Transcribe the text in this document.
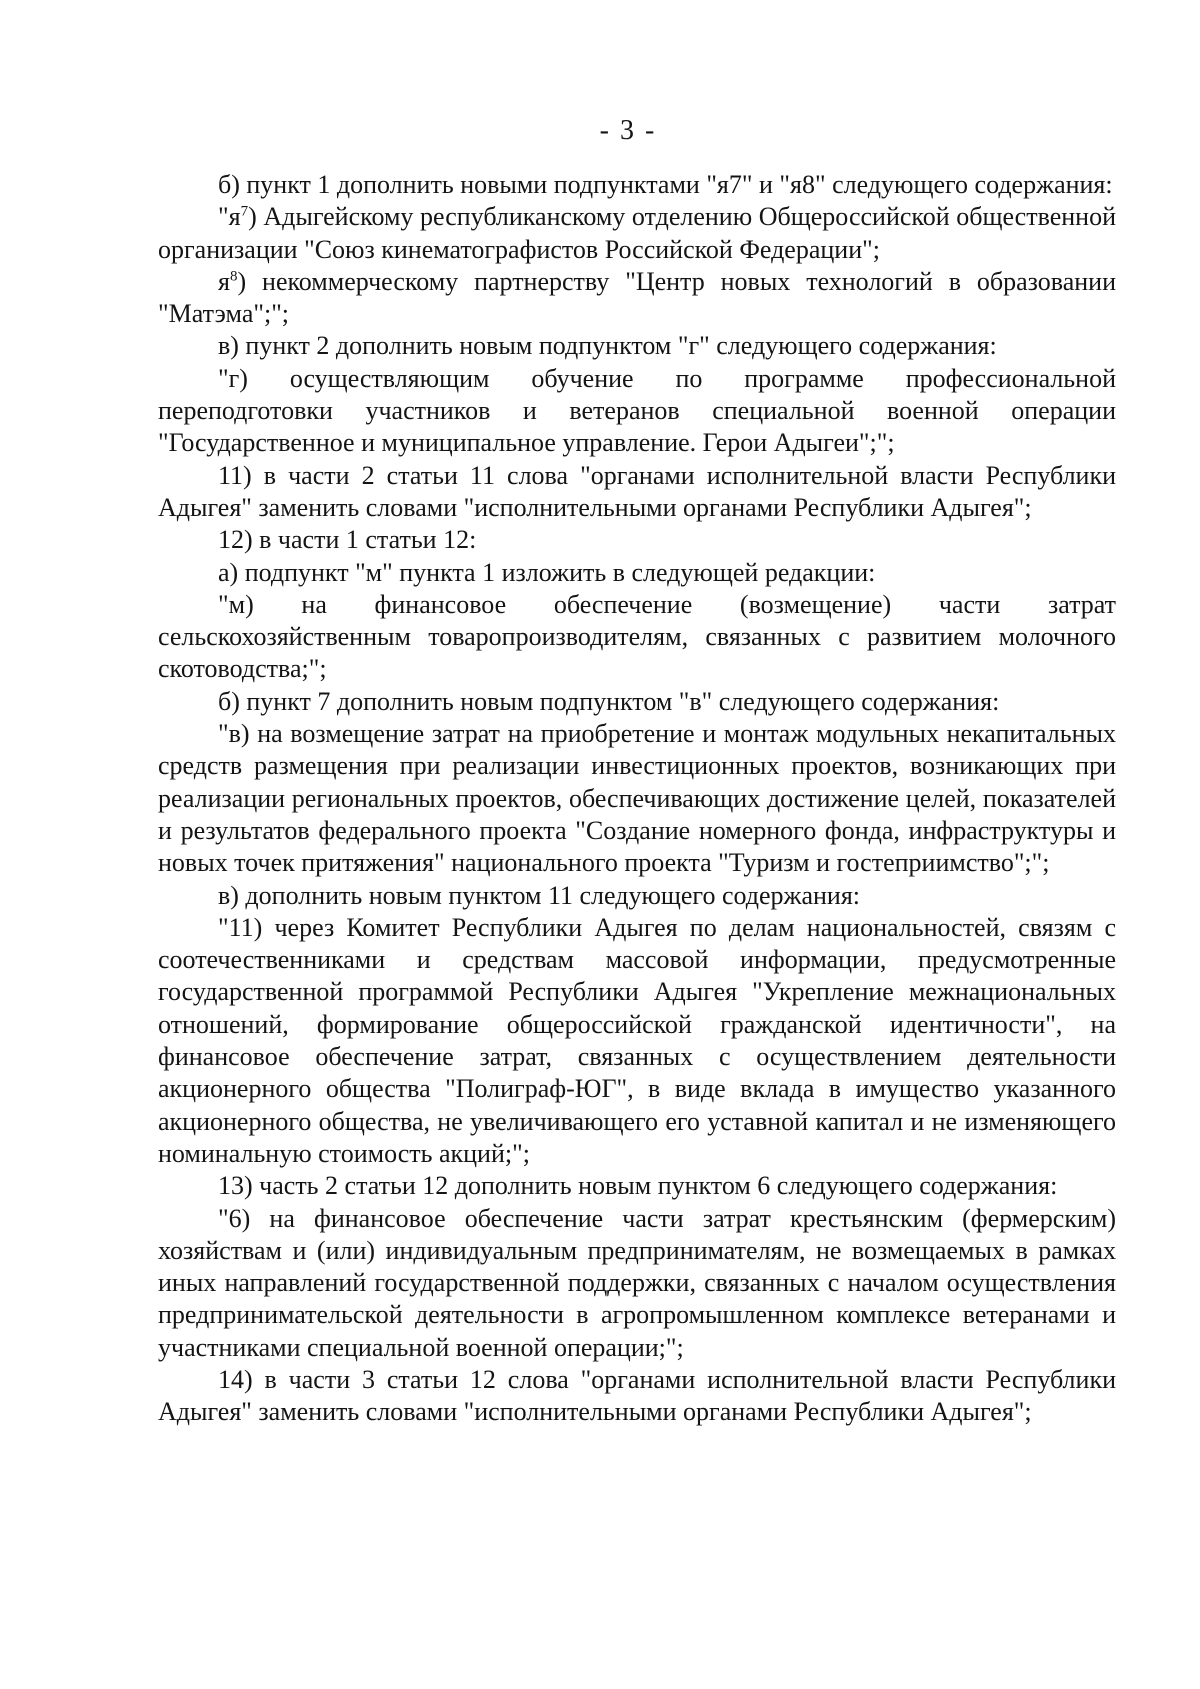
- 3 -

б) пункт 1 дополнить новыми подпунктами "я7" и "я8" следующего содержания:

"$я^7$) Адыгейскому республиканскому отделению Общероссийской общественной организации "Союз кинематографистов Российской Федерации";

$я^8$) некоммерческому партнерству "Центр новых технологий в образовании "Матэма";";

в) пункт 2 дополнить новым подпунктом "г" следующего содержания:

"г) осуществляющим обучение по программе профессиональной переподготовки участников и ветеранов специальной военной операции "Государственное и муниципальное управление. Герои Адыгеи";";

11) в части 2 статьи 11 слова "органами исполнительной власти Республики Адыгея" заменить словами "исполнительными органами Республики Адыгея";

12) в части 1 статьи 12:

а) подпункт "м" пункта 1 изложить в следующей редакции:

"м) на финансовое обеспечение (возмещение) части затрат сельскохозяйственным товаропроизводителям, связанных с развитием молочного скотоводства;";

б) пункт 7 дополнить новым подпунктом "в" следующего содержания:

"в) на возмещение затрат на приобретение и монтаж модульных некапитальных средств размещения при реализации инвестиционных проектов, возникающих при реализации региональных проектов, обеспечивающих достижение целей, показателей и результатов федерального проекта "Создание номерного фонда, инфраструктуры и новых точек притяжения" национального проекта "Туризм и гостеприимство";";

в) дополнить новым пунктом 11 следующего содержания:

"11) через Комитет Республики Адыгея по делам национальностей, связям с соотечественниками и средствам массовой информации, предусмотренные государственной программой Республики Адыгея "Укрепление межнациональных отношений, формирование общероссийской гражданской идентичности", на финансовое обеспечение затрат, связанных с осуществлением деятельности акционерного общества "Полиграф-ЮГ", в виде вклада в имущество указанного акционерного общества, не увеличивающего его уставной капитал и не изменяющего номинальную стоимость акций;";

13) часть 2 статьи 12 дополнить новым пунктом 6 следующего содержания:

"6) на финансовое обеспечение части затрат крестьянским (фермерским) хозяйствам и (или) индивидуальным предпринимателям, не возмещаемых в рамках иных направлений государственной поддержки, связанных с началом осуществления предпринимательской деятельности в агропромышленном комплексе ветеранами и участниками специальной военной операции;";

14) в части 3 статьи 12 слова "органами исполнительной власти Республики Адыгея" заменить словами "исполнительными органами Республики Адыгея";
